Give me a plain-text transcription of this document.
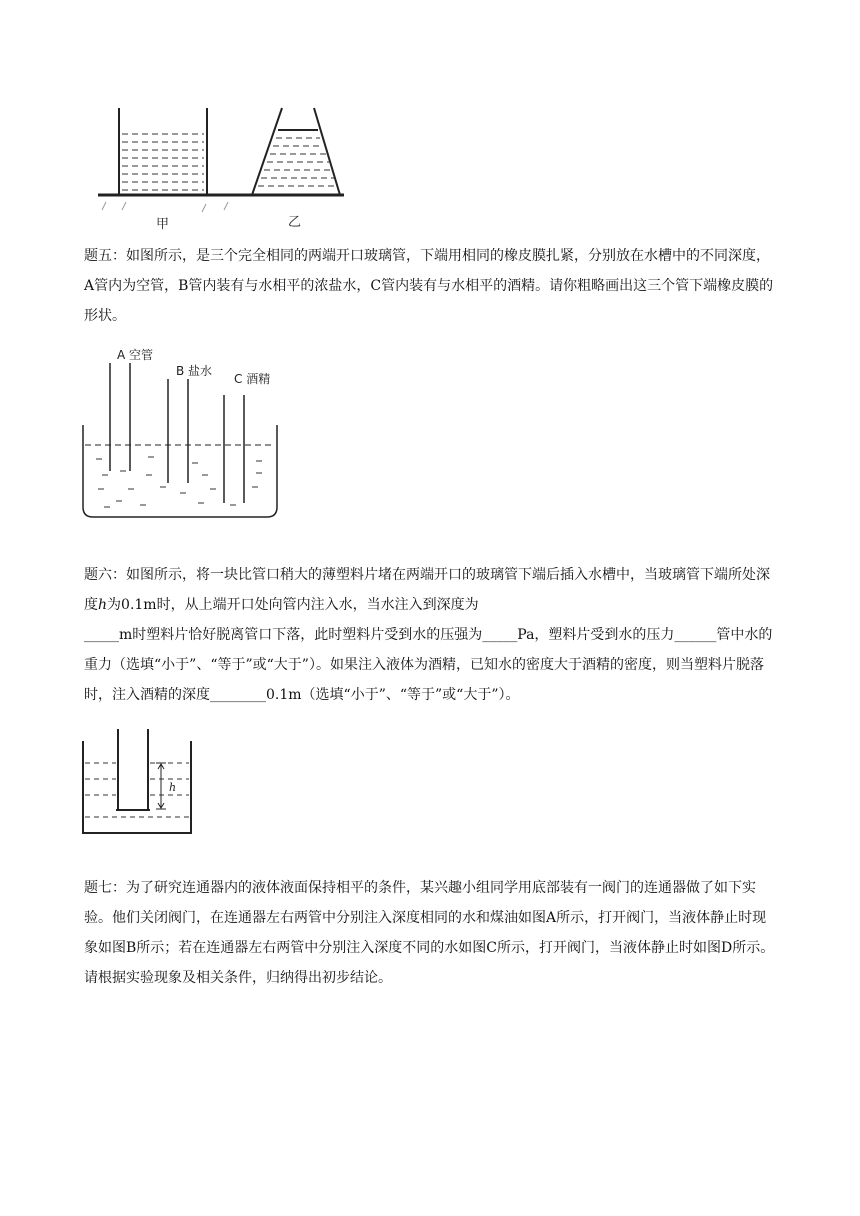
甲	乙

题五：如图所示，是三个完全相同的两端开口玻璃管，下端用相同的橡皮膜扎紧，分别放在水槽中的不同深度，A管内为空管，B管内装有与水相平的浓盐水，C管内装有与水相平的酒精。请你粗略画出这三个管下端橡皮膜的形状。

A 空管
B 盐水
C 酒精

题六：如图所示，将一块比管口稍大的薄塑料片堵在两端开口的玻璃管下端后插入水槽中，当玻璃管下端所处深度h为0.1m时，从上端开口处向管内注入水，当水注入到深度为
_____m时塑料片恰好脱离管口下落，此时塑料片受到水的压强为_____Pa，塑料片受到水的压力______管中水的重力（选填“小于”、“等于”或“大于”）。如果注入液体为酒精，已知水的密度大于酒精的密度，则当塑料片脱落时，注入酒精的深度________0.1m（选填“小于”、“等于”或“大于”）。

h

题七：为了研究连通器内的液体液面保持相平的条件，某兴趣小组同学用底部装有一阀门的连通器做了如下实验。他们关闭阀门，在连通器左右两管中分别注入深度相同的水和煤油如图A所示，打开阀门，当液体静止时现象如图B所示；若在连通器左右两管中分别注入深度不同的水如图C所示，打开阀门，当液体静止时如图D所示。请根据实验现象及相关条件，归纳得出初步结论。
